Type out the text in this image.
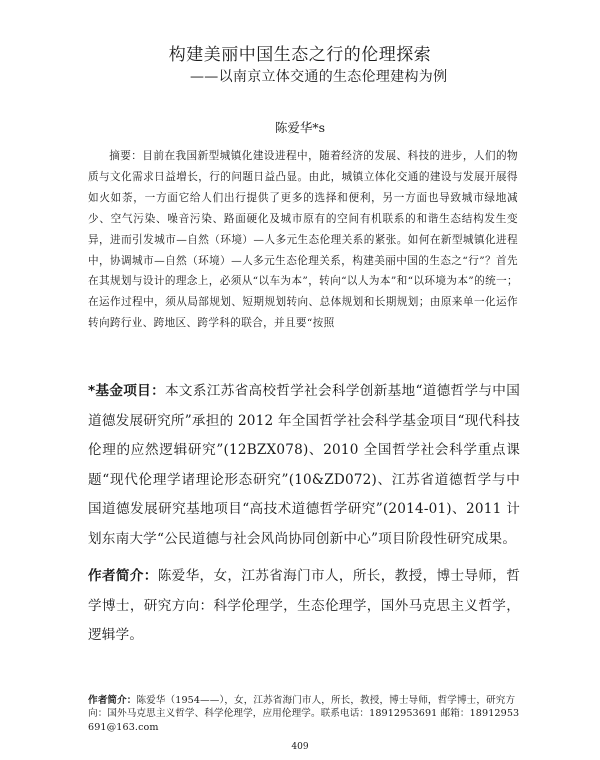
构建美丽中国生态之行的伦理探索
——以南京立体交通的生态伦理建构为例
陈爱华*s
摘要：目前在我国新型城镇化建设进程中，随着经济的发展、科技的进步，人们的物质与文化需求日益增长，行的问题日益凸显。由此，城镇立体化交通的建设与发展开展得如火如荼，一方面它给人们出行提供了更多的选择和便利，另一方面也导致城市绿地减少、空气污染、噪音污染、路面硬化及城市原有的空间有机联系的和谐生态结构发生变异，进而引发城市—自然（环境）—人多元生态伦理关系的紧张。如何在新型城镇化进程中，协调城市—自然（环境）—人多元生态伦理关系，构建美丽中国的生态之“行”？首先在其规划与设计的理念上，必须从“以车为本”，转向“以人为本”和“以环境为本”的统一；在运作过程中，须从局部规划、短期规划转向、总体规划和长期规划；由原来单一化运作转向跨行业、跨地区、跨学科的联合，并且要“按照
*基金项目：本文系江苏省高校哲学社会科学创新基地“道德哲学与中国道德发展研究所”承担的 2012 年全国哲学社会科学基金项目“现代科技伦理的应然逻辑研究”(12BZX078)、2010 全国哲学社会科学重点课题“现代伦理学诸理论形态研究”(10&ZD072)、江苏省道德哲学与中国道德发展研究基地项目“高技术道德哲学研究”(2014-01)、2011 计划东南大学“公民道德与社会风尚协同创新中心”项目阶段性研究成果。
作者简介：陈爱华，女，江苏省海门市人，所长，教授，博士导师，哲学博士，研究方向：科学伦理学，生态伦理学，国外马克思主义哲学，逻辑学。
作者简介：陈爱华（1954——），女，江苏省海门市人，所长，教授，博士导师，哲学博士，研究方向：国外马克思主义哲学、科学伦理学，应用伦理学。联系电话：18912953691 邮箱：18912953691@163.com
409
